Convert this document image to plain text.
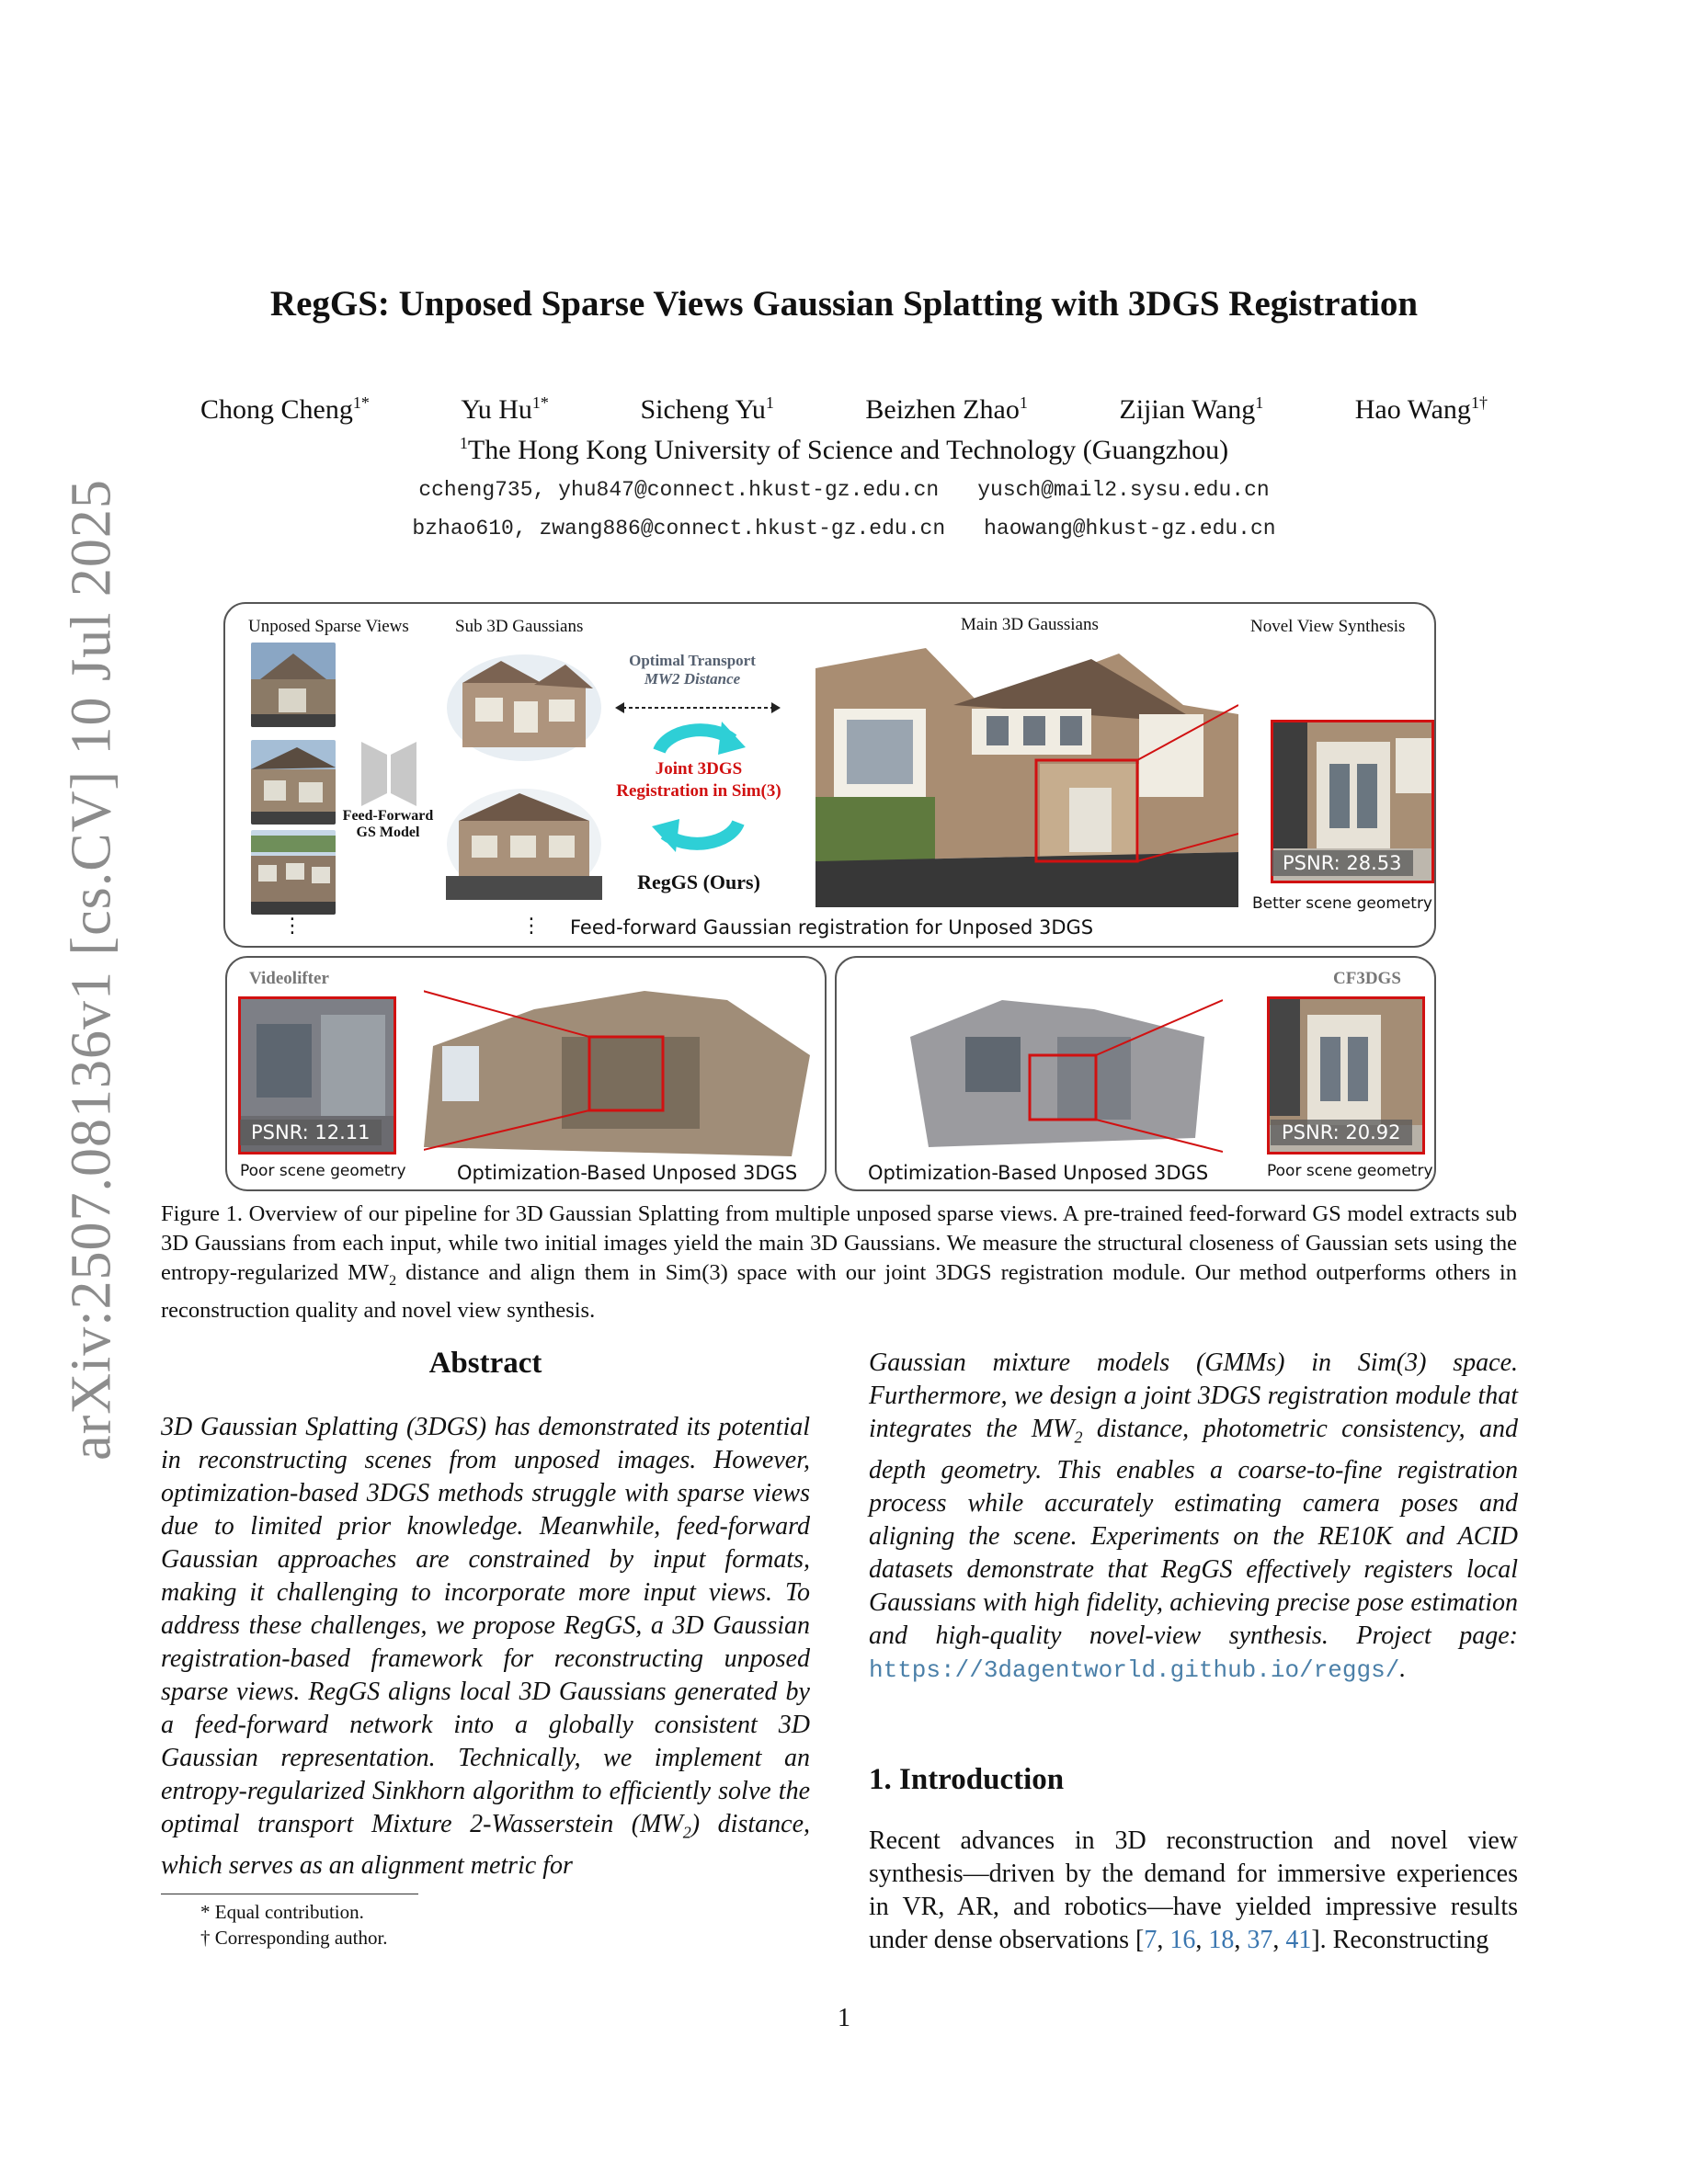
arXiv:2507.08136v1 [cs.CV] 10 Jul 2025
RegGS: Unposed Sparse Views Gaussian Splatting with 3DGS Registration
Chong Cheng$^{1*}$	Yu $Hu^{1*}$	Sicheng Yu$^1$	Beizhen Zhao$^1$	Zijian Wang$^1$	Hao Wang$^{1\dagger}$
$^1$The Hong Kong University of Science and Technology (Guangzhou)
ccheng735, yhu847@connect.hkust-gz.edu.cn yusch@mail2.sysu.edu.cn
bzhao610, zwang886@connect.hkust-gz.edu.cn haowang@hkust-gz.edu.cn
Unposed Sparse Views	Sub 3D Gaussians	Main 3D Gaussians	Novel View Synthesis
⋮
Feed-Forward
GS Model
⋮
Optimal Transport
MW2 Distance
Joint 3DGS
Registration in Sim(3)
RegGS (Ours)
PSNR: 28.53
Better scene geometry
Feed-forward Gaussian registration for Unposed 3DGS
Videolifter
PSNR: 12.11
Poor scene geometry	Optimization-Based Unposed 3DGS
CF3DGS
PSNR: 20.92
Optimization-Based Unposed 3DGS	Poor scene geometry
Figure 1. Overview of our pipeline for 3D Gaussian Splatting from multiple unposed sparse views. A pre-trained feed-forward GS model extracts sub 3D Gaussians from each input, while two initial images yield the main 3D Gaussians. We measure the structural closeness of Gaussian sets using the entropy-regularized $MW_2$ distance and align them in Sim(3) space with our joint 3DGS registration module. Our method outperforms others in reconstruction quality and novel view synthesis.
Abstract
3D Gaussian Splatting (3DGS) has demonstrated its potential in reconstructing scenes from unposed images. However, optimization-based 3DGS methods struggle with sparse views due to limited prior knowledge. Meanwhile, feed-forward Gaussian approaches are constrained by input formats, making it challenging to incorporate more input views. To address these challenges, we propose RegGS, a 3D Gaussian registration-based framework for reconstructing unposed sparse views. RegGS aligns local 3D Gaussians generated by a feed-forward network into a globally consistent 3D Gaussian representation. Technically, we implement an entropy-regularized Sinkhorn algorithm to efficiently solve the optimal transport Mixture 2-Wasserstein $(MW_2)$ distance, which serves as an alignment metric for
Gaussian mixture models (GMMs) in Sim(3) space. Furthermore, we design a joint 3DGS registration module that integrates the $MW_2$ distance, photometric consistency, and depth geometry. This enables a coarse-to-fine registration process while accurately estimating camera poses and aligning the scene. Experiments on the RE10K and ACID datasets demonstrate that RegGS effectively registers local Gaussians with high fidelity, achieving precise pose estimation and high-quality novel-view synthesis. Project page: https://3dagentworld.github.io/reggs/.
1. Introduction
Recent advances in 3D reconstruction and novel view synthesis—driven by the demand for immersive experiences in VR, AR, and robotics—have yielded impressive results under dense observations [7, 16, 18, 37, 41]. Reconstructing
* Equal contribution.
† Corresponding author.
1
